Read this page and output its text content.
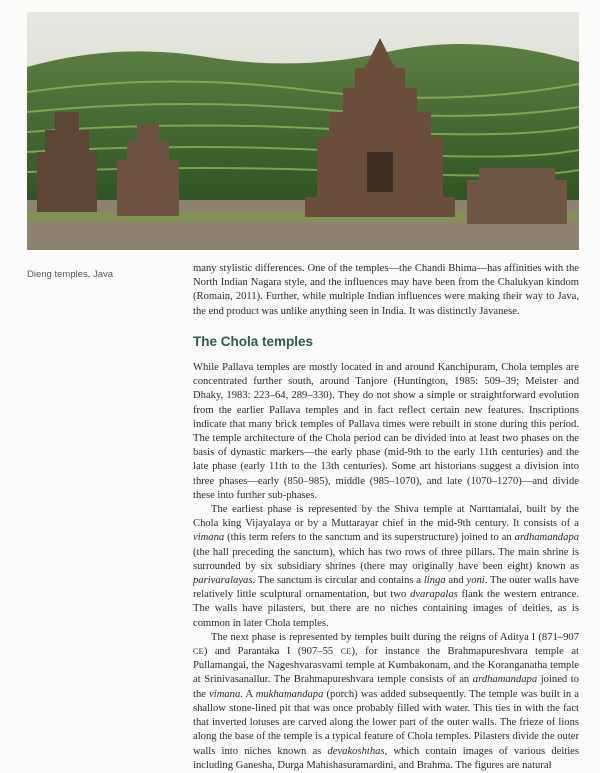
Dieng temples, Java

many stylistic differences. One of the temples—the Chandi Bhima—has affinities with the North Indian Nagara style, and the influences may have been from the Chalukyan kindom (Romain, 2011). Further, while multiple Indian influences were making their way to Java, the end product was unlike anything seen in India. It was distinctly Javanese.

The Chola temples

While Pallava temples are mostly located in and around Kanchipuram, Chola temples are concentrated further south, around Tanjore (Huntington, 1985: 509–39; Meister and Dhaky, 1983: 223–64, 289–330). They do not show a simple or straightforward evolution from the earlier Pallava temples and in fact reflect certain new features. Inscriptions indicate that many brick temples of Pallava times were rebuilt in stone during this period. The temple architecture of the Chola period can be divided into at least two phases on the basis of dynastic markers—the early phase (mid-9th to the early 11th centuries) and the late phase (early 11th to the 13th centuries). Some art historians suggest a division into three phases—early (850–985), middle (985–1070), and late (1070–1270)—and divide these into further sub-phases.

The earliest phase is represented by the Shiva temple at Narttamalai, built by the Chola king Vijayalaya or by a Muttarayar chief in the mid-9th century. It consists of a vimana (this term refers to the sanctum and its superstructure) joined to an ardhamandapa (the hall preceding the sanctum), which has two rows of three pillars. The main shrine is surrounded by six subsidiary shrines (there may originally have been eight) known as parivaralayas. The sanctum is circular and contains a linga and yoni. The outer walls have relatively little sculptural ornamentation, but two dvarapalas flank the western entrance. The walls have pilasters, but there are no niches containing images of deities, as is common in later Chola temples.

The next phase is represented by temples built during the reigns of Aditya I (871–907 CE) and Parantaka I (907–55 CE), for instance the Brahmapureshvara temple at Pullamangai, the Nageshvarasvami temple at Kumbakonam, and the Koranganatha temple at Srinivasanallur. The Brahmapureshvara temple consists of an ardhamandapa joined to the vimana. A mukhamandapa (porch) was added subsequently. The temple was built in a shallow stone-lined pit that was once probably filled with water. This ties in with the fact that inverted lotuses are carved along the lower part of the outer walls. The frieze of lions along the base of the temple is a typical feature of Chola temples. Pilasters divide the outer walls into niches known as devakoshthas, which contain images of various deities including Ganesha, Durga Mahishasuramardini, and Brahma. The figures are natural
